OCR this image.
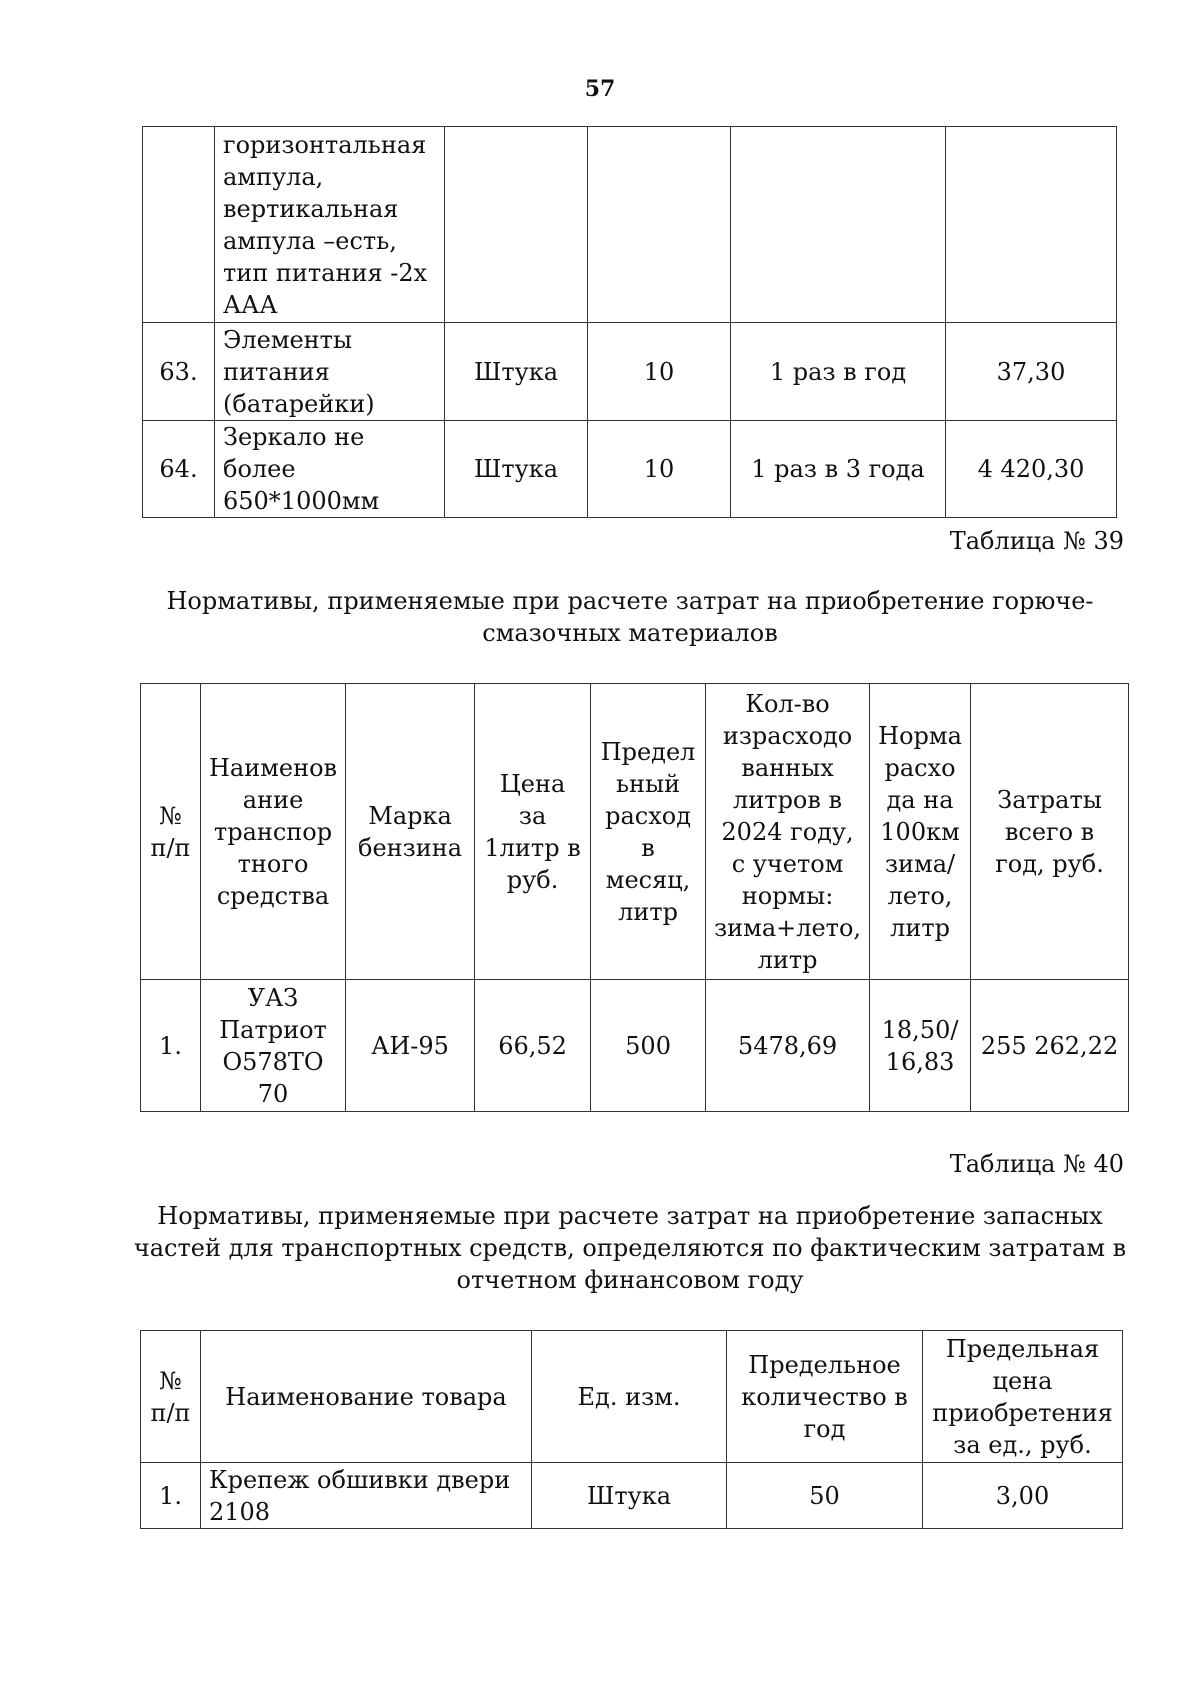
57
	горизонтальная ампула, вертикальная ампула –есть, тип питания -2х ААА				
63.	Элементы питания (батарейки)	Штука	10	1 раз в год	37,30
64.	Зеркало не более 650*1000мм	Штука	10	1 раз в 3 года	4 420,30
Таблица № 39
Нормативы, применяемые при расчете затрат на приобретение горюче-смазочных материалов
№ п/п	Наименов ание транспор тного средства	Марка бензина	Цена за 1литр в руб.	Предел ьный расход в месяц, литр	Кол-во израсходо ванных литров в 2024 году, с учетом нормы: зима+лето, литр	Норма расхо да на 100км зима/ лето, литр	Затраты всего в год, руб.
1.	УАЗ Патриот О578ТО 70	АИ-95	66,52	500	5478,69	18,50/ 16,83	255 262,22
Таблица № 40
Нормативы, применяемые при расчете затрат на приобретение запасных частей для транспортных средств, определяются по фактическим затратам в отчетном финансовом году
№ п/п	Наименование товара	Ед. изм.	Предельное количество в год	Предельная цена приобретения за ед., руб.
1.	Крепеж обшивки двери 2108	Штука	50	3,00
